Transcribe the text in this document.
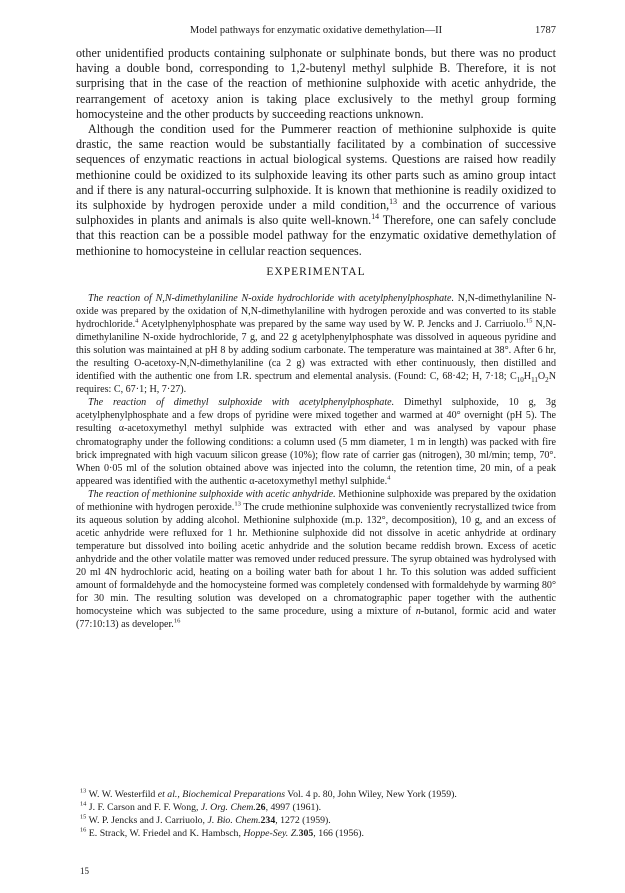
Model pathways for enzymatic oxidative demethylation—II	1787

other unidentified products containing sulphonate or sulphinate bonds, but there was no product having a double bond, corresponding to 1,2-butenyl methyl sulphide B. Therefore, it is not surprising that in the case of the reaction of methionine sulphoxide with acetic anhydride, the rearrangement of acetoxy anion is taking place exclusively to the methyl group forming homocysteine and the other products by succeeding reactions unknown.

Although the condition used for the Pummerer reaction of methionine sulphoxide is quite drastic, the same reaction would be substantially facilitated by a combination of successive sequences of enzymatic reactions in actual biological systems. Questions are raised how readily methionine could be oxidized to its sulphoxide leaving its other parts such as amino group intact and if there is any natural-occurring sulphoxide. It is known that methionine is readily oxidized to its sulphoxide by hydrogen peroxide under a mild condition,$^{13}$ and the occurrence of various sulphoxides in plants and animals is also quite well-known.$^{14}$ Therefore, one can safely conclude that this reaction can be a possible model pathway for the enzymatic oxidative demethylation of methionine to homocysteine in cellular reaction sequences.

EXPERIMENTAL

The reaction of N,N-dimethylaniline N-oxide hydrochloride with acetylphenylphosphate. N,N-dimethylaniline N-oxide was prepared by the oxidation of N,N-dimethylaniline with hydrogen peroxide and was converted to its stable hydrochloride.$^4$ Acetylphenylphosphate was prepared by the same way used by W. P. Jencks and J. Carriuolo.$^{15}$ N,N-dimethylaniline N-oxide hydrochloride, 7 g, and 22 g acetylphenylphosphate was dissolved in aqueous pyridine and this solution was maintained at pH 8 by adding sodium carbonate. The temperature was maintained at 38°. After 6 hr, the resulting O-acetoxy-N,N-dimethylaniline (ca 2 g) was extracted with ether continuously, then distilled and identified with the authentic one from I.R. spectrum and elemental analysis. (Found: C, 68·42; H, 7·18; $C_{10}H_{11}O_2N$ requires: C, 67·1; H, 7·27).

The reaction of dimethyl sulphoxide with acetylphenylphosphate. Dimethyl sulphoxide, 10 g, 3g acetylphenylphosphate and a few drops of pyridine were mixed together and warmed at 40° overnight (pH 5). The resulting α-acetoxymethyl methyl sulphide was extracted with ether and was analysed by vapour phase chromatography under the following conditions: a column used (5 mm diameter, 1 m in length) was packed with fire brick impregnated with high vacuum silicon grease (10%); flow rate of carrier gas (nitrogen), 30 ml/min; temp, 70°. When 0·05 ml of the solution obtained above was injected into the column, the retention time, 20 min, of a peak appeared was identified with the authentic α-acetoxymethyl methyl sulphide.$^4$

The reaction of methionine sulphoxide with acetic anhydride. Methionine sulphoxide was prepared by the oxidation of methionine with hydrogen peroxide.$^{13}$ The crude methionine sulphoxide was conveniently recrystallized twice from its aqueous solution by adding alcohol. Methionine sulphoxide (m.p. 132°, decomposition), 10 g, and an excess of acetic anhydride were refluxed for 1 hr. Methionine sulphoxide did not dissolve in acetic anhydride at ordinary temperature but dissolved into boiling acetic anhydride and the solution became reddish brown. Excess of acetic anhydride and the other volatile matter was removed under reduced pressure. The syrup obtained was hydrolysed with 20 ml 4N hydrochloric acid, heating on a boiling water bath for about 1 hr. To this solution was added sufficient amount of formaldehyde and the homocysteine formed was completely condensed with formaldehyde by warming 80° for 30 min. The resulting solution was developed on a chromatographic paper together with the authentic homocysteine which was subjected to the same procedure, using a mixture of n-butanol, formic acid and water (77:10:13) as developer.$^{16}$

$^{13}$ W. W. Westerfild et al., Biochemical Preparations Vol. 4 p. 80, John Wiley, New York (1959).

$^{14}$ J. F. Carson and F. F. Wong, J. Org. Chem.26, 4997 (1961).

$^{15}$ W. P. Jencks and J. Carriuolo, J. Bio. Chem.234, 1272 (1959).

$^{16}$ E. Strack, W. Friedel and K. Hambsch, Hoppe-Sey. Z.305, 166 (1956).

15
